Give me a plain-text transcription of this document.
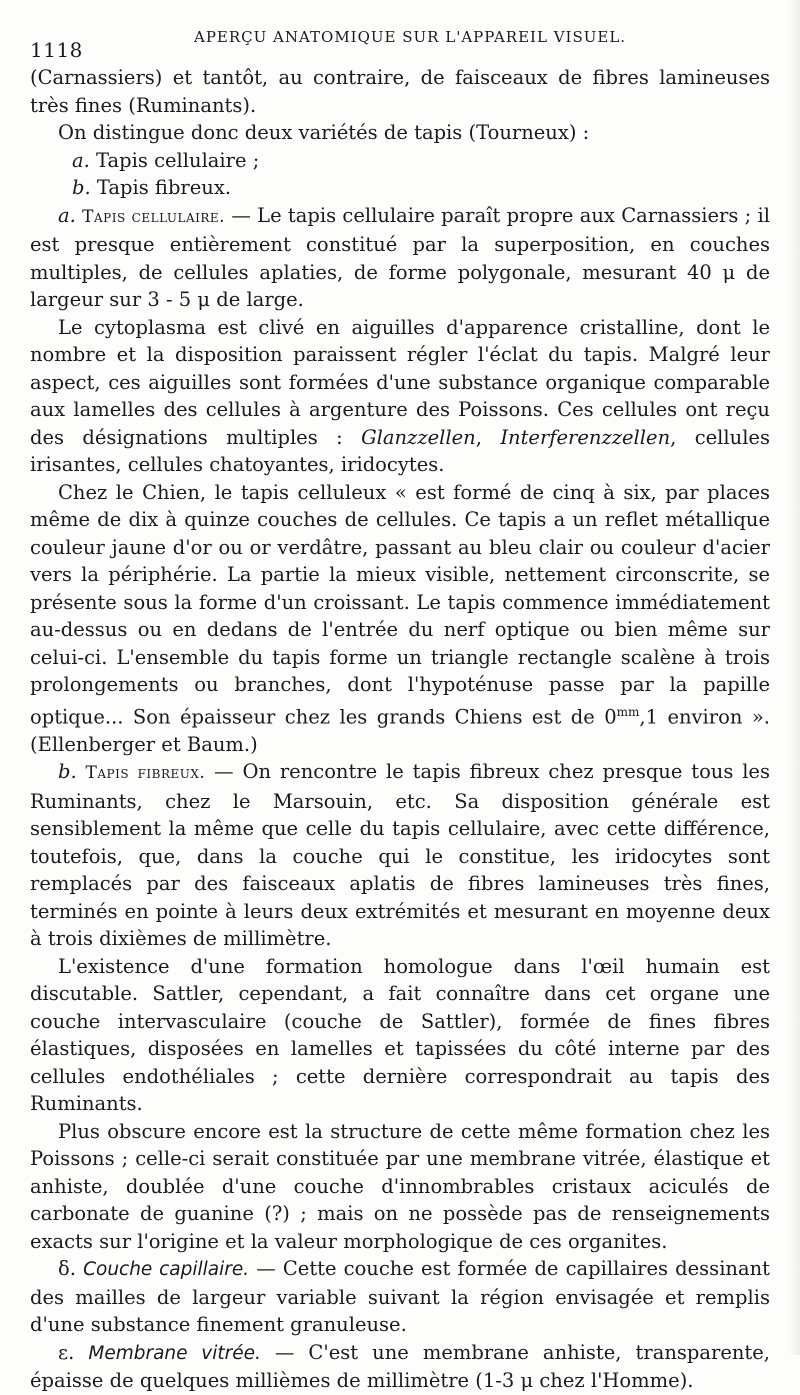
1118
APERÇU ANATOMIQUE SUR L'APPAREIL VISUEL.

(Carnassiers) et tantôt, au contraire, de faisceaux de fibres lamineuses très fines (Ruminants).

On distingue donc deux variétés de tapis (Tourneux) :

a. Tapis cellulaire ;

b. Tapis fibreux.

a. Tapis cellulaire. — Le tapis cellulaire paraît propre aux Carnassiers ; il est presque entièrement constitué par la superposition, en couches multiples, de cellules aplaties, de forme polygonale, mesurant 40 μ de largeur sur 3 - 5 μ de large.

Le cytoplasma est clivé en aiguilles d'apparence cristalline, dont le nombre et la disposition paraissent régler l'éclat du tapis. Malgré leur aspect, ces aiguilles sont formées d'une substance organique comparable aux lamelles des cellules à argenture des Poissons. Ces cellules ont reçu des désignations multiples : Glanzzellen, Interferenzzellen, cellules irisantes, cellules chatoyantes, iridocytes.

Chez le Chien, le tapis celluleux « est formé de cinq à six, par places même de dix à quinze couches de cellules. Ce tapis a un reflet métallique couleur jaune d'or ou or verdâtre, passant au bleu clair ou couleur d'acier vers la périphérie. La partie la mieux visible, nettement circonscrite, se présente sous la forme d'un croissant. Le tapis commence immédiatement au-dessus ou en dedans de l'entrée du nerf optique ou bien même sur celui-ci. L'ensemble du tapis forme un triangle rectangle scalène à trois prolongements ou branches, dont l'hypoténuse passe par la papille optique... Son épaisseur chez les grands Chiens est de $0^{mm},1$ environ ». (Ellenberger et Baum.)

b. Tapis fibreux. — On rencontre le tapis fibreux chez presque tous les Ruminants, chez le Marsouin, etc. Sa disposition générale est sensiblement la même que celle du tapis cellulaire, avec cette différence, toutefois, que, dans la couche qui le constitue, les iridocytes sont remplacés par des faisceaux aplatis de fibres lamineuses très fines, terminés en pointe à leurs deux extrémités et mesurant en moyenne deux à trois dixièmes de millimètre.

L'existence d'une formation homologue dans l'œil humain est discutable. Sattler, cependant, a fait connaître dans cet organe une couche intervasculaire (couche de Sattler), formée de fines fibres élastiques, disposées en lamelles et tapissées du côté interne par des cellules endothéliales ; cette dernière correspondrait au tapis des Ruminants.

Plus obscure encore est la structure de cette même formation chez les Poissons ; celle-ci serait constituée par une membrane vitrée, élastique et anhiste, doublée d'une couche d'innombrables cristaux aciculés de carbonate de guanine (?) ; mais on ne possède pas de renseignements exacts sur l'origine et la valeur morphologique de ces organites.

δ. Couche capillaire. — Cette couche est formée de capillaires dessinant des mailles de largeur variable suivant la région envisagée et remplis d'une substance finement granuleuse.

ε. Membrane vitrée. — C'est une membrane anhiste, transparente, épaisse de quelques millièmes de millimètre (1-3 μ chez l'Homme).
